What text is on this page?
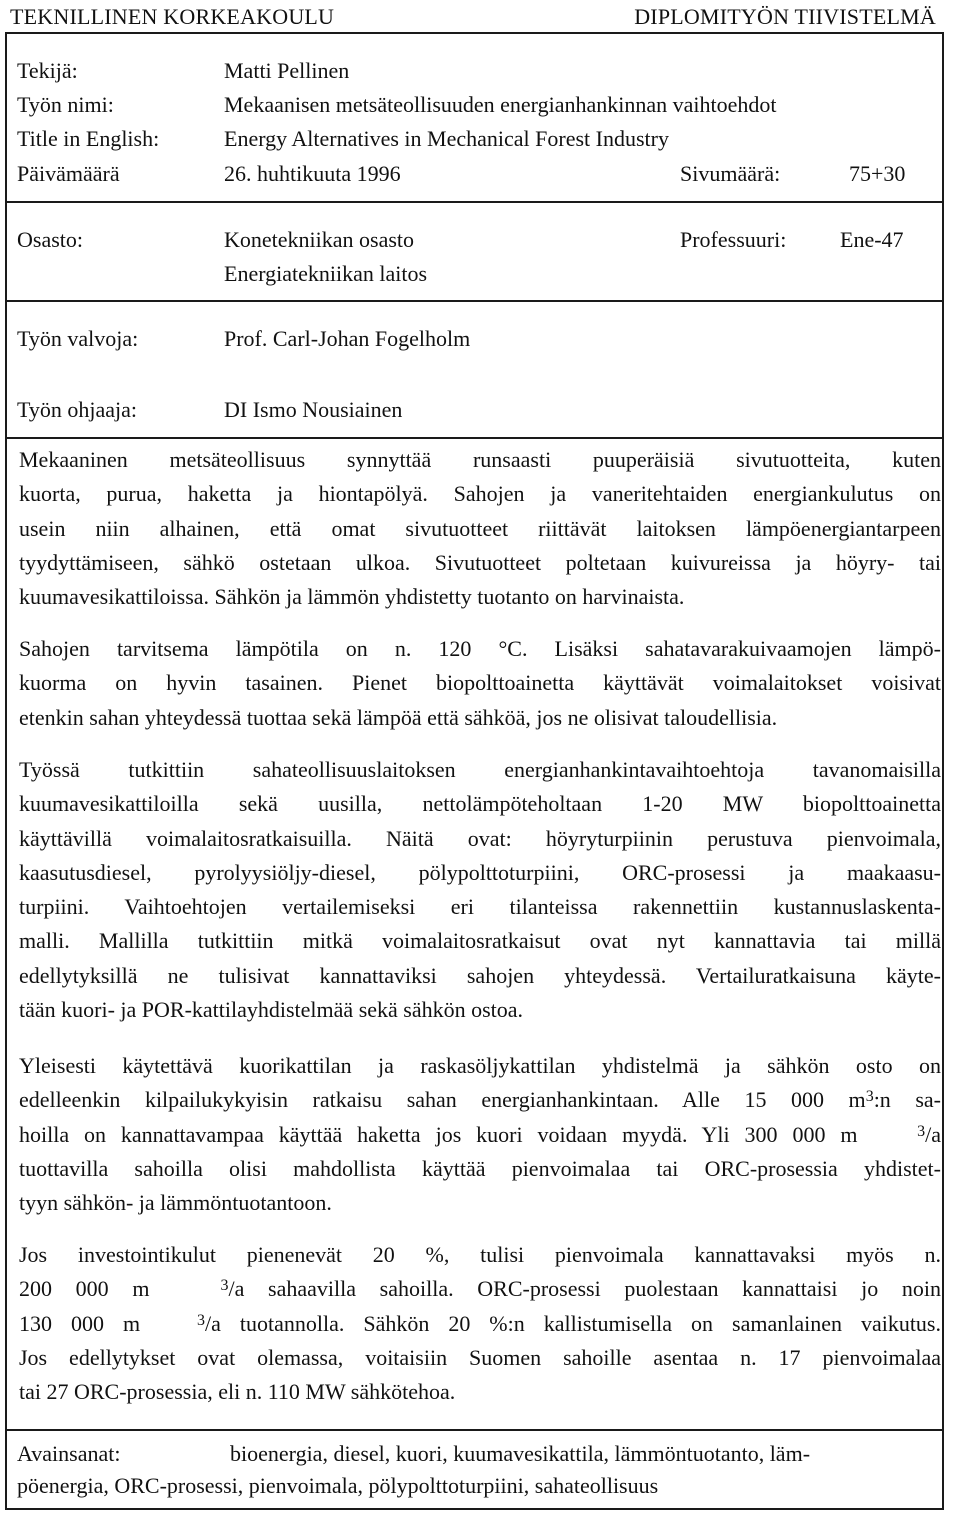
TEKNILLINEN KORKEAKOULU	DIPLOMITYÖN TIIVISTELMÄ
Tekijä:	Matti Pellinen
Työn nimi:	Mekaanisen metsäteollisuuden energianhankinnan vaihtoehdot
Title in English:	Energy Alternatives in Mechanical Forest Industry
Päivämäärä	26. huhtikuuta 1996	Sivumäärä:	75+30
Osasto:	Konetekniikan osasto	Professuuri: Ene-47
Energiatekniikan laitos
Työn valvoja:	Prof. Carl-Johan Fogelholm
Työn ohjaaja:	DI Ismo Nousiainen
Mekaaninen metsäteollisuus synnyttää runsaasti puuperäisiä sivutuotteita, kuten
kuorta, purua, haketta ja hiontapölyä. Sahojen ja vaneritehtaiden energiankulutus on
usein niin alhainen, että omat sivutuotteet riittävät laitoksen lämpöenergiantarpeen
tyydyttämiseen, sähkö ostetaan ulkoa. Sivutuotteet poltetaan kuivureissa ja höyry- tai
kuumavesikattiloissa. Sähkön ja lämmön yhdistetty tuotanto on harvinaista.
Sahojen tarvitsema lämpötila on n. 120 °C. Lisäksi sahatavarakuivaamojen lämpö-
kuorma on hyvin tasainen. Pienet biopolttoainetta käyttävät voimalaitokset voisivat
etenkin sahan yhteydessä tuottaa sekä lämpöä että sähköä, jos ne olisivat taloudellisia.
Työssä tutkittiin sahateollisuuslaitoksen energianhankintavaihtoehtoja tavanomaisilla
kuumavesikattiloilla sekä uusilla, nettolämpöteholtaan 1-20 MW biopolttoainetta
käyttävillä voimalaitosratkaisuilla. Näitä ovat: höyryturpiinin perustuva pienvoimala,
kaasutusdiesel, pyrolyysiöljy-diesel, pölypolttoturpiini, ORC-prosessi ja maakaasu-
turpiini. Vaihtoehtojen vertailemiseksi eri tilanteissa rakennettiin kustannuslaskenta-
malli. Mallilla tutkittiin mitkä voimalaitosratkaisut ovat nyt kannattavia tai millä
edellytyksillä ne tulisivat kannattaviksi sahojen yhteydessä. Vertailuratkaisuna käyte-
tään kuori- ja POR-kattilayhdistelmää sekä sähkön ostoa.
Yleisesti käytettävä kuorikattilan ja raskasöljykattilan yhdistelmä ja sähkön osto on
edelleenkin kilpailukykyisin ratkaisu sahan energianhankintaan. Alle 15 000 $m^3:n$ sa-
hoilla on kannattavampaa käyttää haketta jos kuori voidaan myydä. Yli 300 000 m	$^3$/a
tuottavilla sahoilla olisi mahdollista käyttää pienvoimalaa tai ORC-prosessia yhdistet-
tyyn sähkön- ja lämmöntuotantoon.
Jos investointikulut pienenevät 20 %, tulisi pienvoimala kannattavaksi myös n.
200 000 m	$^3$/a sahaavilla sahoilla. ORC-prosessi puolestaan kannattaisi jo noin
130 000 m	$^3$/a tuotannolla. Sähkön 20 %:n kallistumisella on samanlainen vaikutus.
Jos edellytykset ovat olemassa, voitaisiin Suomen sahoille asentaa n. 17 pienvoimalaa
tai 27 ORC-prosessia, eli n. 110 MW sähkötehoa.
Avainsanat:	bioenergia, diesel, kuori, kuumavesikattila, lämmöntuotanto, läm-
pöenergia, ORC-prosessi, pienvoimala, pölypolttoturpiini, sahateollisuus
